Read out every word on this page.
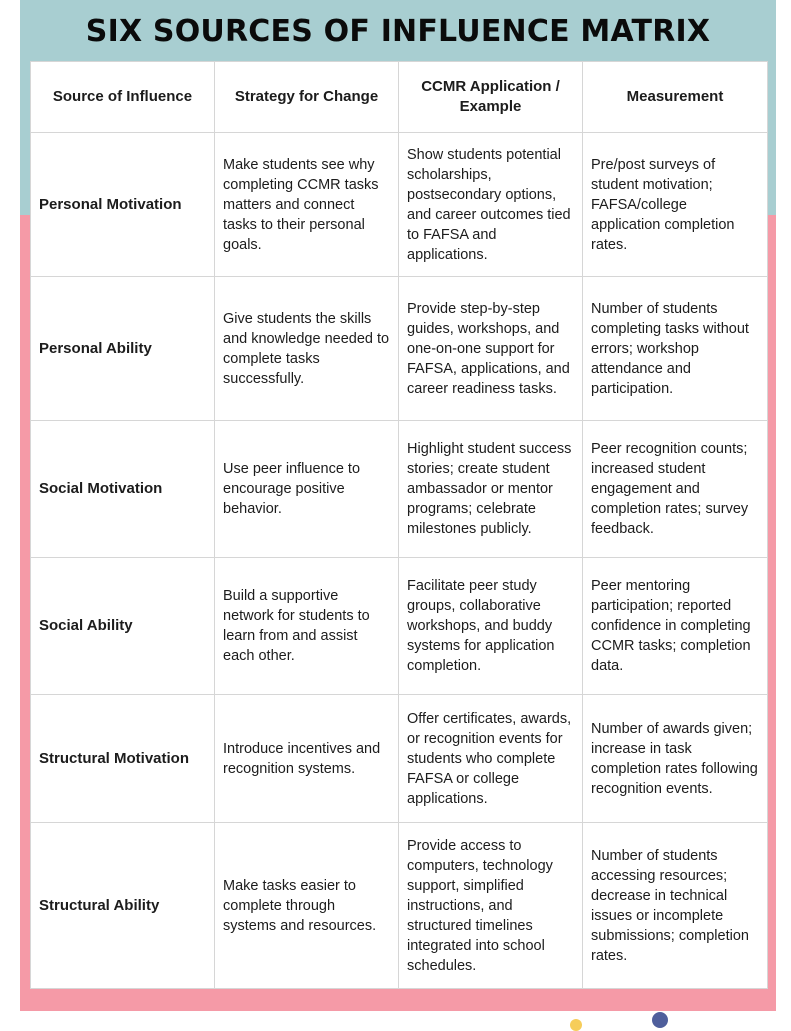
SIX SOURCES OF INFLUENCE MATRIX
Source of Influence	Strategy for Change	CCMR Application / Example	Measurement
Personal Motivation	Make students see why completing CCMR tasks matters and connect tasks to their personal goals.	Show students potential scholarships, postsecondary options, and career outcomes tied to FAFSA and applications.	Pre/post surveys of student motivation; FAFSA/college application completion rates.
Personal Ability	Give students the skills and knowledge needed to complete tasks successfully.	Provide step-by-step guides, workshops, and one-on-one support for FAFSA, applications, and career readiness tasks.	Number of students completing tasks without errors; workshop attendance and participation.
Social Motivation	Use peer influence to encourage positive behavior.	Highlight student success stories; create student ambassador or mentor programs; celebrate milestones publicly.	Peer recognition counts; increased student engagement and completion rates; survey feedback.
Social Ability	Build a supportive network for students to learn from and assist each other.	Facilitate peer study groups, collaborative workshops, and buddy systems for application completion.	Peer mentoring participation; reported confidence in completing CCMR tasks; completion data.
Structural Motivation	Introduce incentives and recognition systems.	Offer certificates, awards, or recognition events for students who complete FAFSA or college applications.	Number of awards given; increase in task completion rates following recognition events.
Structural Ability	Make tasks easier to complete through systems and resources.	Provide access to computers, technology support, simplified instructions, and structured timelines integrated into school schedules.	Number of students accessing resources; decrease in technical issues or incomplete submissions; completion rates.
